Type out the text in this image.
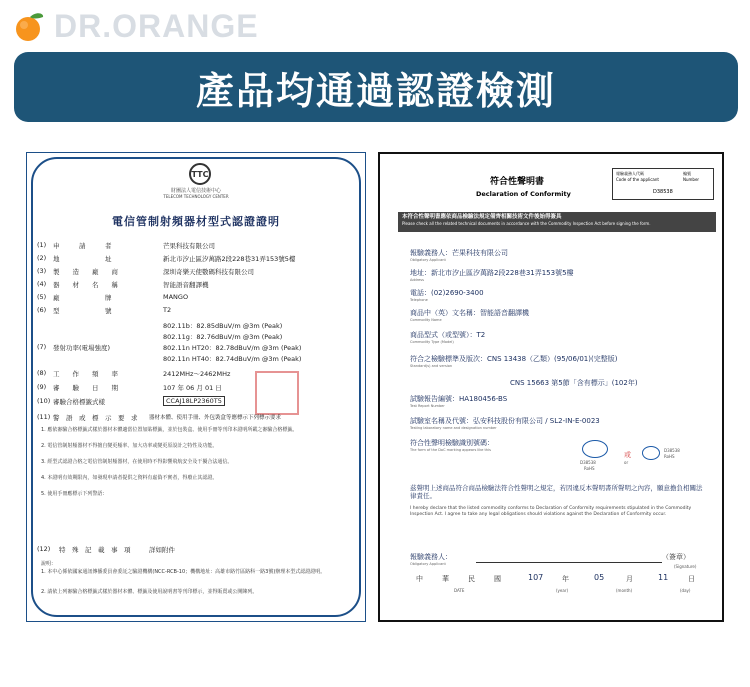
DR.ORANGE
產品均通過認證檢測
TTC
財團法人電信技術中心
TELECOM TECHNOLOGY CENTER
電信管制射頻器材型式認證證明
(1)	申　　　請　　　者	芒果科技有限公司
(2)	地　　　　　　　址	新北市汐止區汐萬路2段228巷31弄153號5樓
(3)	製　　造　　廠　　商	深圳奇樂天使數碼科技有限公司
(4)	器　　材　　名　　稱	智能語音翻譯機
(5)	廠　　　　　　　牌	MANGO
(6)	型　　　　　　　號	T2
(7)	發射功率(電場強度)
802.11b：82.85dBuV/m @3m (Peak)
802.11g：82.76dBuV/m @3m (Peak)
802.11n HT20：82.78dBuV/m @3m (Peak)
802.11n HT40：82.74dBuV/m @3m (Peak)
(8)	工　　作　　頻　　率	2412MHz～2462MHz
(9)	審　　驗　　日　　期	107 年 06 月 01 日
(10) 審驗合格標籤式樣	CCAJ18LP2360T5
(11) 警　語　或　標　示　要　求	器材本體、使用手冊、外包裝盒等應標示下列標示要求
1. 應依審驗合格標籤式樣於器材本體適當位置加貼標籤，並於包裝盒、使用手冊等刊印本證明所載之審驗合格標籤。
2. 電信管制射頻器材不得擅自變更頻率、加大功率或變更原設計之特性及功能。
3. 經型式認證合格之電信管制射頻器材，在使用時不得影響飛航安全及干擾合法通信。
4. 本證明有效期限內，如發現申請者提供之資料有虛偽不實者，得廢止其認證。
5. 使用手冊應標示下列警語：
(12)	特　殊　記　載　事　項	詳如附件
說明：
1. 本中心係依國家通訊傳播委員會委託之驗證機構(NCC-RCB-10；機構地址：高雄市路竹區路科一路3號)辦理本型式認證證明。
2. 請依上列審驗合格標籤式樣於器材本體、標籤及使用說明書等刊印標示，並得販賣或公開陳列。
符合性聲明書
Declaration of Conformity
報驗義務人代碼
Code of the applicant
編號
Number
D38538
本符合性聲明書應依商品檢驗法規定備齊相關技術文件後始得簽具
Please check all the related technical documents in accordance with the Commodity Inspection Act before signing the form.
報驗義務人：芒果科技有限公司
Obligatory Applicant
地址：新北市汐止區汐萬路2段228巷31弄153號5樓
Address
電話：(02)2690-3400
Telephone
商品中（英）文名稱：智能語音翻譯機
Commodity Name
商品型式（或型號）：T2
Commodity Type (Model)
符合之檢驗標準及版次：CNS 13438（乙類）(95/06/01)(完整版)
Standard(s) and version
CNS 15663 第5節「含有標示」(102年)
試驗報告編號：HA180456-BS
Test Report Number
試驗室名稱及代號：弘安科技股份有限公司 / SL2-IN-E-0023
Testing laboratory name and designation number
符合性聲明檢驗識別號碼：
The form of the DoC marking appears like this
D38538
RoHS
或
or
D38538
RoHS
茲聲明上述商品符合商品檢驗法符合性聲明之規定，若因違反本聲明書所聲明之內容，願意擔負相關法律責任。
I hereby declare that the listed commodity conforms to Declaration of Conformity requirements stipulated in the Commodity Inspection Act. I agree to take any legal obligations should violations against the Declaration of Conformity occur.
報驗義務人：
Obligatory Applicant
（簽章）
(Signature)
中	華	民	國	107	年	05	月	11	日
DATE	(year)	(month)	(day)
